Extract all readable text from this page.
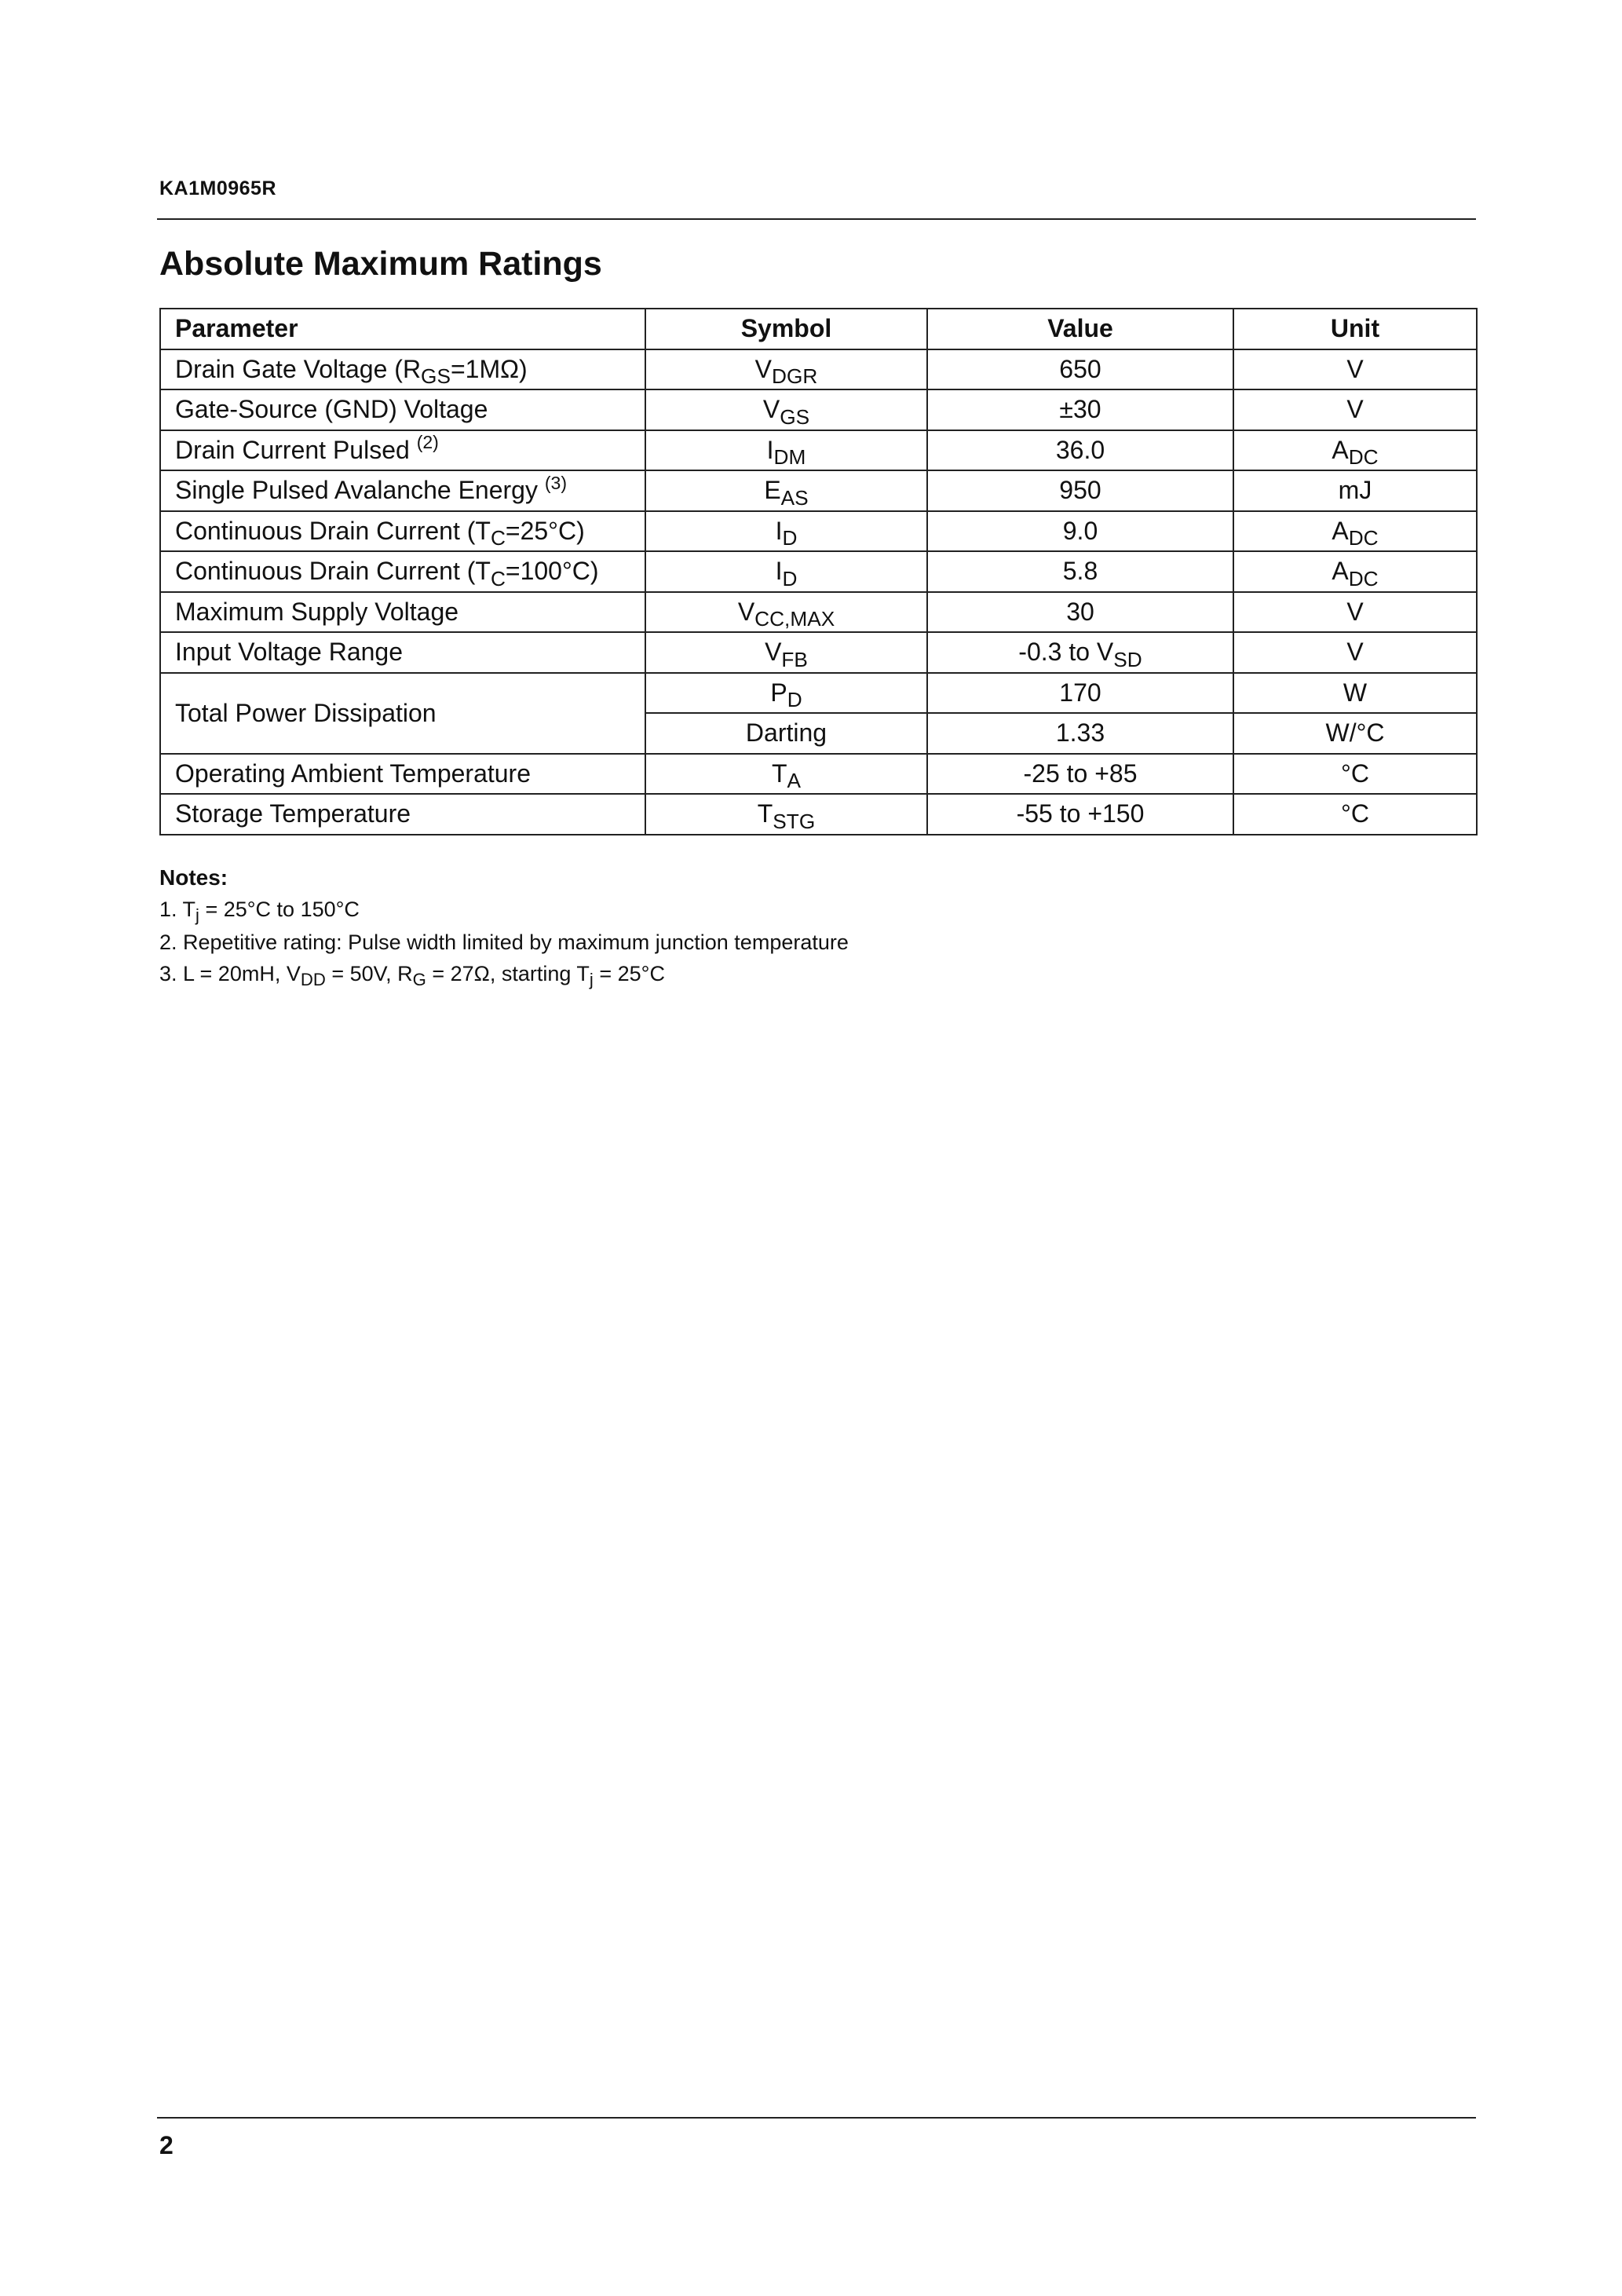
KA1M0965R
Absolute Maximum Ratings
Parameter	Symbol	Value	Unit
Drain Gate Voltage $(R_{GS}=1M\Omega)$	$V_{DGR}$	650	V
Gate-Source (GND) Voltage	$V_{GS}$	±30	V
Drain Current Pulsed $^{(2)}$	$I_{DM}$	36.0	$A_{DC}$
Single Pulsed Avalanche Energy $^{(3)}$	$E_{AS}$	950	mJ
Continuous Drain Current $(T_C=25^\circ C)$	$I_D$	9.0	$A_{DC}$
Continuous Drain Current $(T_C=100^\circ C)$	$I_D$	5.8	$A_{DC}$
Maximum Supply Voltage	$V_{CC,MAX}$	30	V
Input Voltage Range	$V_{FB}$	-0.3 to $V_{SD}$	V
Total Power Dissipation	$P_D$	170	W
	Darting	1.33	W/°C
Operating Ambient Temperature	$T_A$	-25 to +85	°C
Storage Temperature	$T_{STG}$	-55 to +150	°C
Notes:
1. $T_j = 25^\circ C$ to 150°C
2. Repetitive rating: Pulse width limited by maximum junction temperature
3. L = 20mH, $V_{DD} = 50V$, $R_G = 27\Omega$, starting $T_j = 25^\circ C$
2
